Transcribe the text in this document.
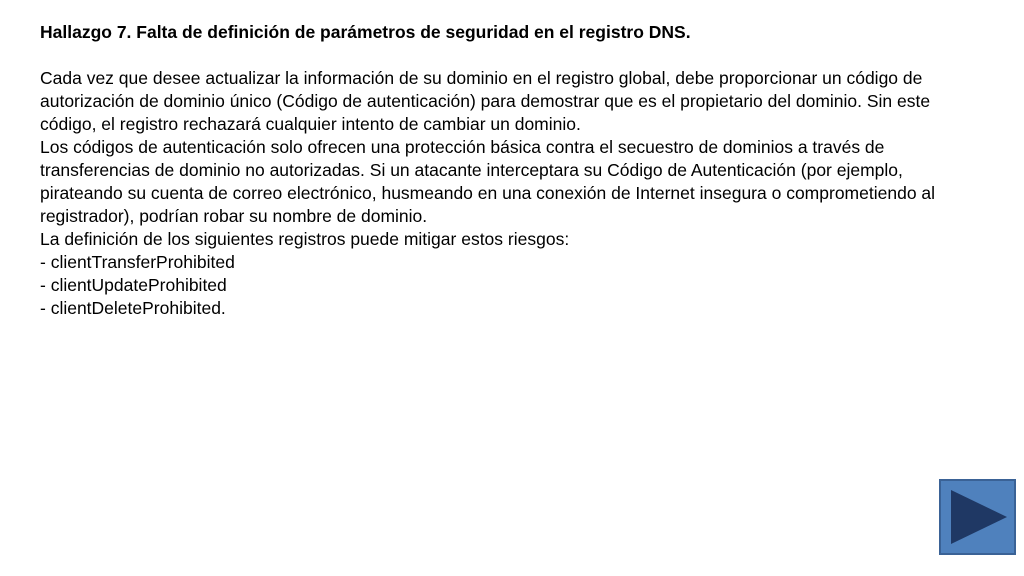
Hallazgo 7. Falta de definición de parámetros de seguridad en el registro DNS.

Cada vez que desee actualizar la información de su dominio en el registro global, debe proporcionar un código de autorización de dominio único (Código de autenticación) para demostrar que es el propietario del dominio. Sin este código, el registro rechazará cualquier intento de cambiar un dominio.

Los códigos de autenticación solo ofrecen una protección básica contra el secuestro de dominios a través de transferencias de dominio no autorizadas. Si un atacante interceptara su Código de Autenticación (por ejemplo, pirateando su cuenta de correo electrónico, husmeando en una conexión de Internet insegura o comprometiendo al registrador), podrían robar su nombre de dominio.

La definición de los siguientes registros puede mitigar estos riesgos:

- clientTransferProhibited
- clientUpdateProhibited
- clientDeleteProhibited.
